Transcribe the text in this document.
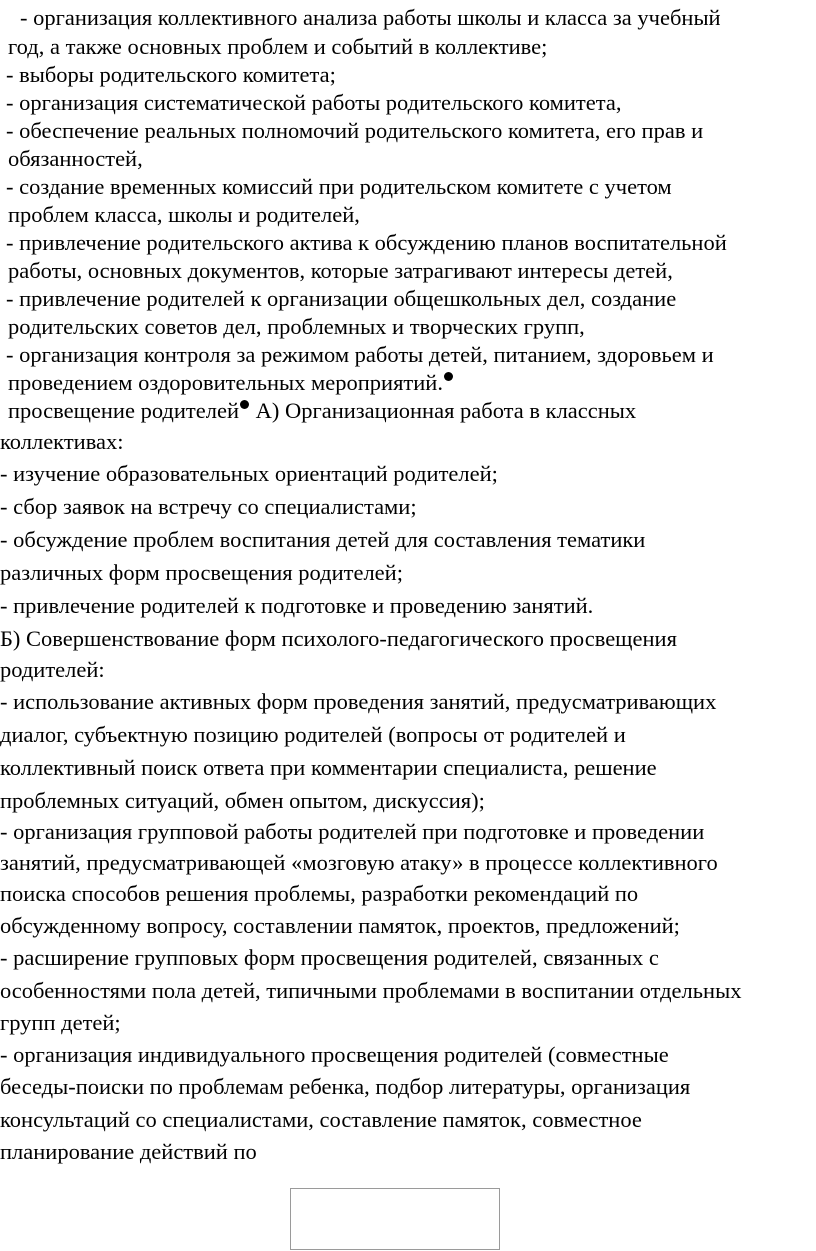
- организация коллективного анализа работы школы и класса за учебный
год, а также основных проблем и событий в коллективе;
- выборы родительского комитета;
- организация систематической работы родительского комитета,
- обеспечение реальных полномочий родительского комитета, его прав и
обязанностей,
- создание временных комиссий при родительском комитете с учетом
проблем класса, школы и родителей,
- привлечение родительского актива к обсуждению планов воспитательной
работы, основных документов, которые затрагивают интересы детей,
- привлечение родителей к организации общешкольных дел, создание
родительских советов дел, проблемных и творческих групп,
- организация контроля за режимом работы детей, питанием, здоровьем и
проведением оздоровительных мероприятий.
просвещение родителей А) Организационная работа в классных
коллективах:
- изучение образовательных ориентаций родителей;
- сбор заявок на встречу со специалистами;
- обсуждение проблем воспитания детей для составления тематики
различных форм просвещения родителей;
- привлечение родителей к подготовке и проведению занятий.
Б) Совершенствование форм психолого-педагогического просвещения
родителей:
- использование активных форм проведения занятий, предусматривающих
диалог, субъектную позицию родителей (вопросы от родителей и
коллективный поиск ответа при комментарии специалиста, решение
проблемных ситуаций, обмен опытом, дискуссия);
- организация групповой работы родителей при подготовке и проведении
занятий, предусматривающей «мозговую атаку» в процессе коллективного
поиска способов решения проблемы, разработки рекомендаций по
обсужденному вопросу, составлении памяток, проектов, предложений;
- расширение групповых форм просвещения родителей, связанных с
особенностями пола детей, типичными проблемами в воспитании отдельных
групп детей;
- организация индивидуального просвещения родителей (совместные
беседы-поиски по проблемам ребенка, подбор литературы, организация
консультаций со специалистами, составление памяток, совместное
планирование действий по
